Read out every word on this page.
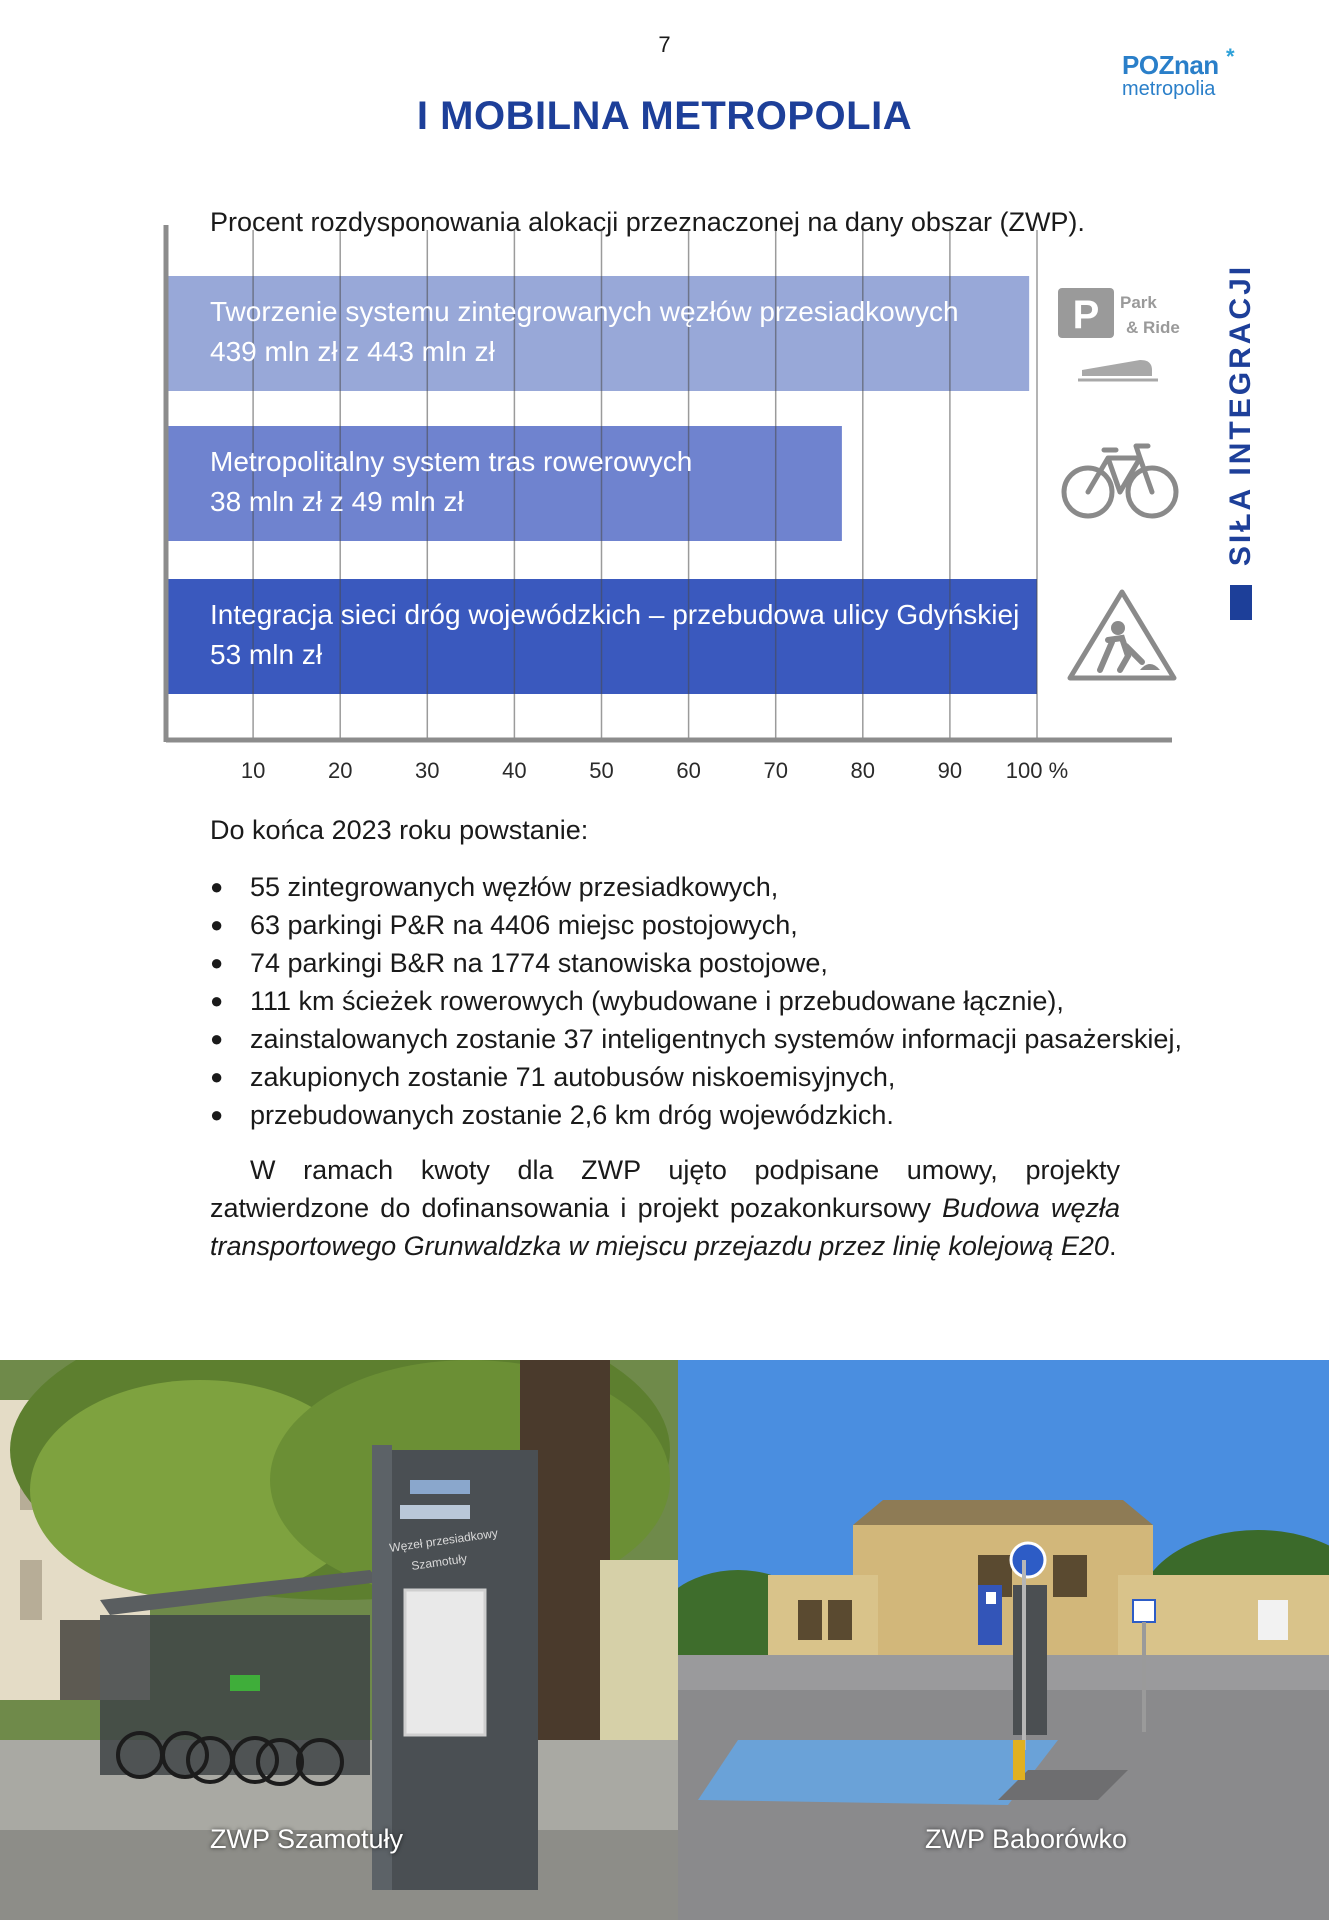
7
POZnan *
metropolia
I MOBILNA METROPOLIA
SIŁA INTEGRACJI
Procent rozdysponowania alokacji przeznaczonej na dany obszar (ZWP).
10	20	30	40	50	60	70	80	90 100 %
Tworzenie systemu zintegrowanych węzłów przesiadkowych
439 mln zł z 443 mln zł
Metropolitalny system tras rowerowych
38 mln zł z 49 mln zł
Integracja sieci dróg wojewódzkich – przebudowa ulicy Gdyńskiej
53 mln zł
P Park
& Ride
Do końca 2023 roku powstanie:
● 55 zintegrowanych węzłów przesiadkowych,
● 63 parkingi P&R na 4406 miejsc postojowych,
● 74 parkingi B&R na 1774 stanowiska postojowe,
● 111 km ścieżek rowerowych (wybudowane i przebudowane łącznie),
● zainstalowanych zostanie 37 inteligentnych systemów informacji pasażerskiej,
● zakupionych zostanie 71 autobusów niskoemisyjnych,
● przebudowanych zostanie 2,6 km dróg wojewódzkich.
W ramach kwoty dla ZWP ujęto podpisane umowy, projekty zatwierdzone do dofinansowania i projekt pozakonkursowy Budowa węzła transportowego Grunwaldzka w miejscu przejazdu przez linię kolejową E20.
Węzeł przesiadkowy
Szamotuły
ZWP Szamotuły	ZWP Baborówko
